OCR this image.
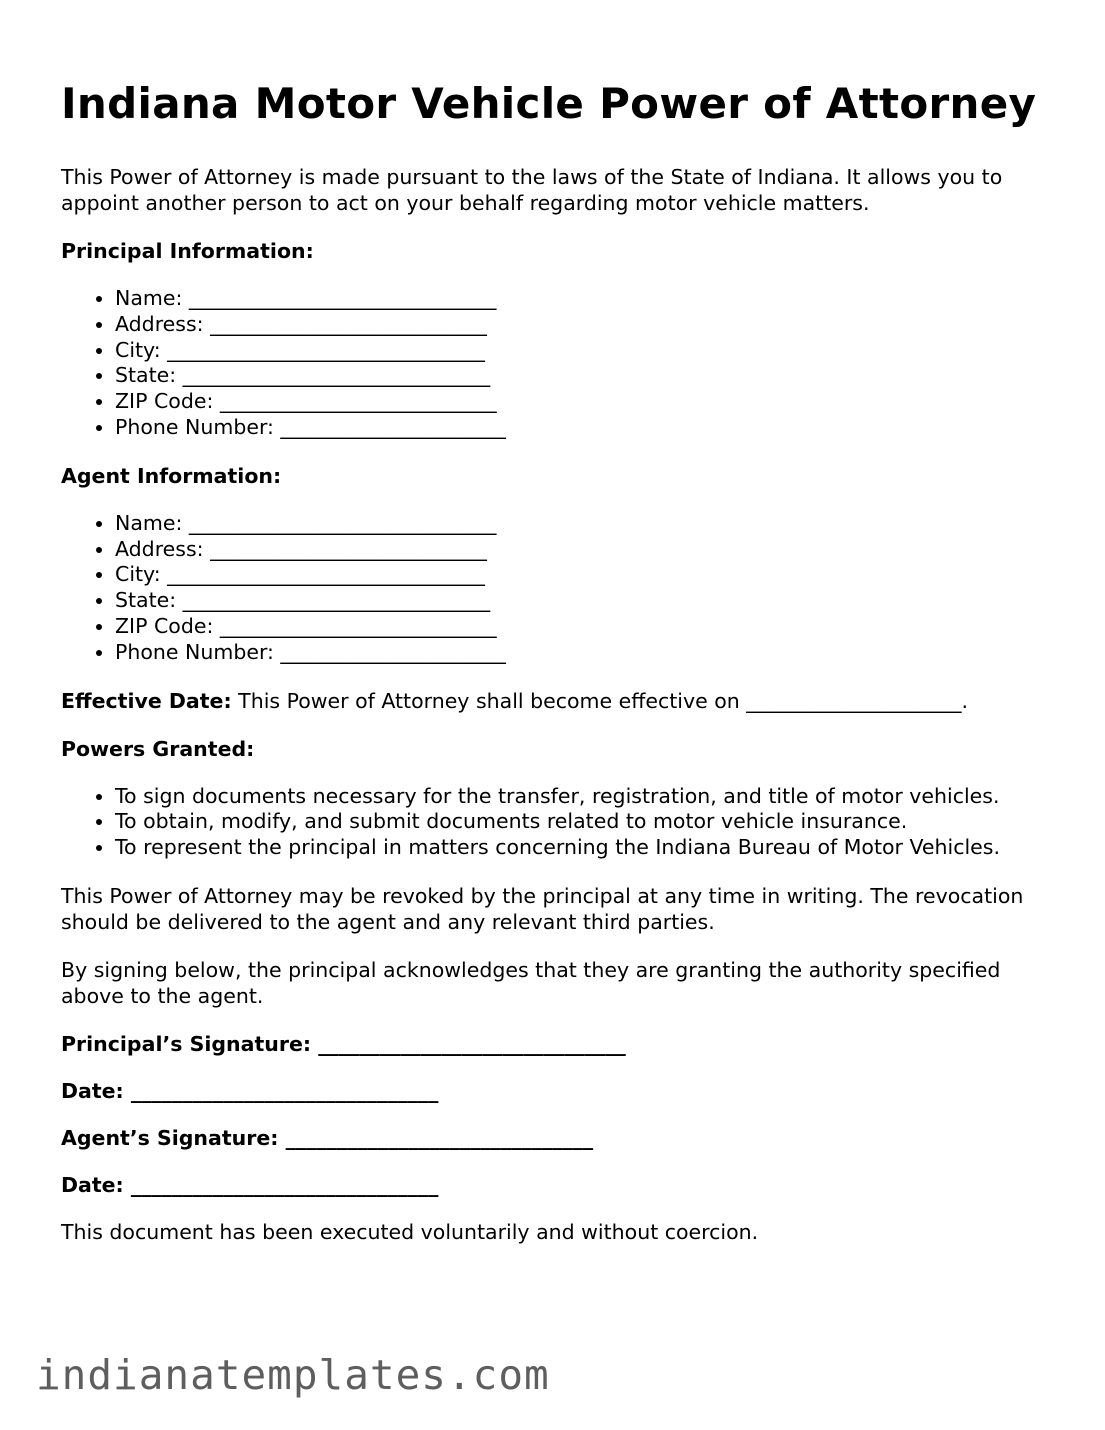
Indiana Motor Vehicle Power of Attorney

This Power of Attorney is made pursuant to the laws of the State of Indiana. It allows you to appoint another person to act on your behalf regarding motor vehicle matters.

Principal Information:

• Name: ______________________________
• Address: ___________________________
• City: _______________________________
• State: ______________________________
• ZIP Code: ___________________________
• Phone Number: ______________________

Agent Information:

• Name: ______________________________
• Address: ___________________________
• City: _______________________________
• State: ______________________________
• ZIP Code: ___________________________
• Phone Number: ______________________

Effective Date: This Power of Attorney shall become effective on _____________________.

Powers Granted:

• To sign documents necessary for the transfer, registration, and title of motor vehicles.
• To obtain, modify, and submit documents related to motor vehicle insurance.
• To represent the principal in matters concerning the Indiana Bureau of Motor Vehicles.

This Power of Attorney may be revoked by the principal at any time in writing. The revocation should be delivered to the agent and any relevant third parties.

By signing below, the principal acknowledges that they are granting the authority specified above to the agent.

Principal’s Signature: ______________________________

Date: ______________________________

Agent’s Signature: ______________________________

Date: ______________________________

This document has been executed voluntarily and without coercion.

indianatemplates.com
